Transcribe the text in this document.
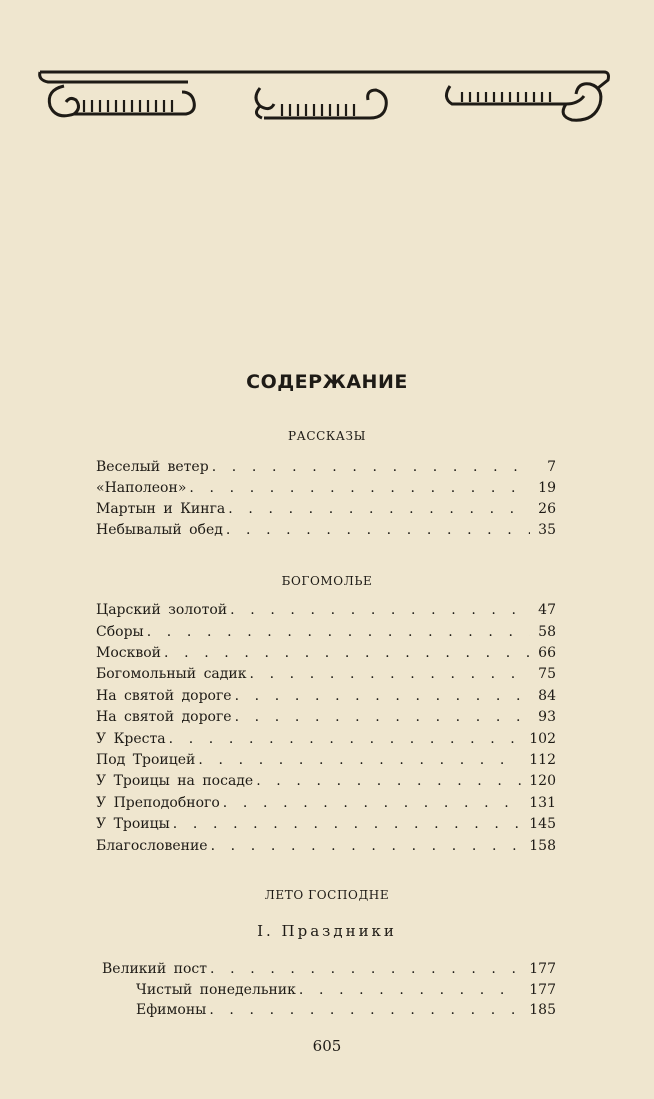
СОДЕРЖАНИЕ
РАССКАЗЫ
Веселый ветер . . .	7
«Наполеон» . . .	19
Мартын и Кинга . . .	26
Небывалый обед . . .	35
БОГОМОЛЬЕ
Царский золотой . . .	47
Сборы . . .	58
Москвой . . .	66
Богомольный садик . . .	75
На святой дороге . . .	84
На святой дороге . . .	93
У Креста . . .	102
Под Троицей . . .	112
У Троицы на посаде . . .	120
У Преподобного . . .	131
У Троицы . . .	145
Благословение . . .	158
ЛЕТО ГОСПОДНЕ
I. Праздники
Великий пост . . .	177
Чистый понедельник . . .	177
Ефимоны . . .	185
605
